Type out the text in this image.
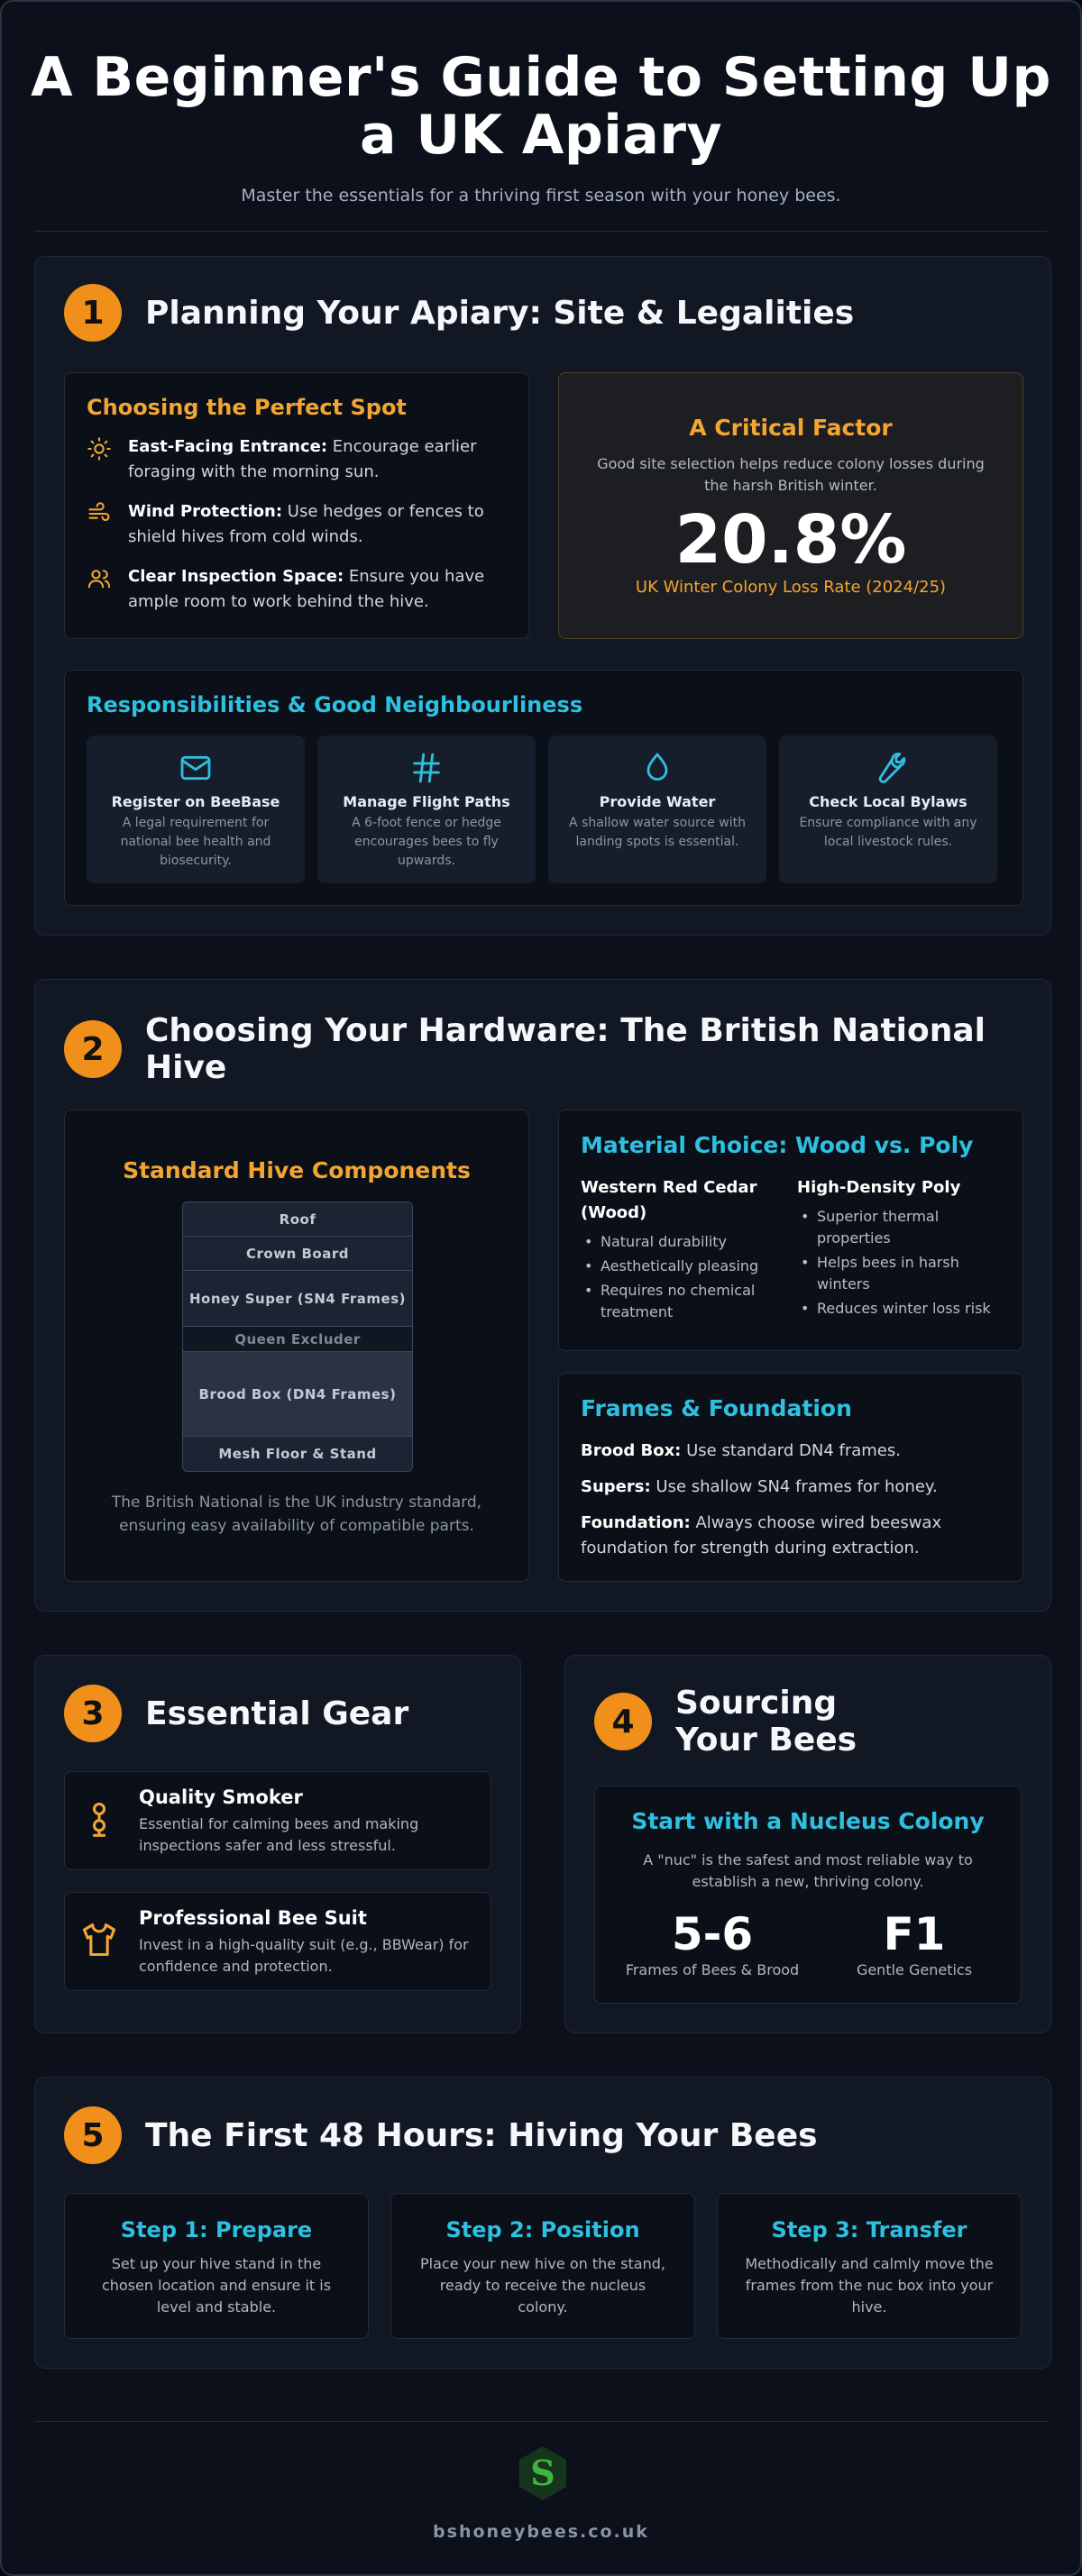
A Beginner's Guide to Setting Up a UK Apiary

Master the essentials for a thriving first season with your honey bees.

1	Planning Your Apiary: Site & Legalities
Choosing the Perfect Spot

East-Facing Entrance: Encourage earlier foraging with the morning sun.

Wind Protection: Use hedges or fences to shield hives from cold winds.

Clear Inspection Space: Ensure you have ample room to work behind the hive.

A Critical Factor

Good site selection helps reduce colony losses during the harsh British winter.

20.8%
UK Winter Colony Loss Rate (2024/25)
Responsibilities & Good Neighbourliness
Register on BeeBase
A legal requirement for national bee health and biosecurity.
Manage Flight Paths
A 6-foot fence or hedge encourages bees to fly upwards.
Provide Water
A shallow water source with landing spots is essential.
Check Local Bylaws
Ensure compliance with any local livestock rules.
2	Choosing Your Hardware: The British National Hive
Standard Hive Components
Roof
Crown Board
Honey Super (SN4 Frames)
Queen Excluder
Brood Box (DN4 Frames)
Mesh Floor & Stand

The British National is the UK industry standard, ensuring easy availability of compatible parts.

Material Choice: Wood vs. Poly
Western Red Cedar (Wood)
• Natural durability
• Aesthetically pleasing
• Requires no chemical treatment
High-Density Poly
• Superior thermal properties
• Helps bees in harsh winters
• Reduces winter loss risk
Frames & Foundation

Brood Box: Use standard DN4 frames.

Supers: Use shallow SN4 frames for honey.

Foundation: Always choose wired beeswax foundation for strength during extraction.

3	Essential Gear
Quality Smoker
Essential for calming bees and making inspections safer and less stressful.
Professional Bee Suit
Invest in a high-quality suit (e.g., BBWear) for confidence and protection.
4	Sourcing Your Bees
Start with a Nucleus Colony

A "nuc" is the safest and most reliable way to establish a new, thriving colony.

5-6
Frames of Bees & Brood
F1
Gentle Genetics
5	The First 48 Hours: Hiving Your Bees
Step 1: Prepare

Set up your hive stand in the chosen location and ensure it is level and stable.

Step 2: Position

Place your new hive on the stand, ready to receive the nucleus colony.

Step 3: Transfer

Methodically and calmly move the frames from the nuc box into your hive.

S
bshoneybees.co.uk
